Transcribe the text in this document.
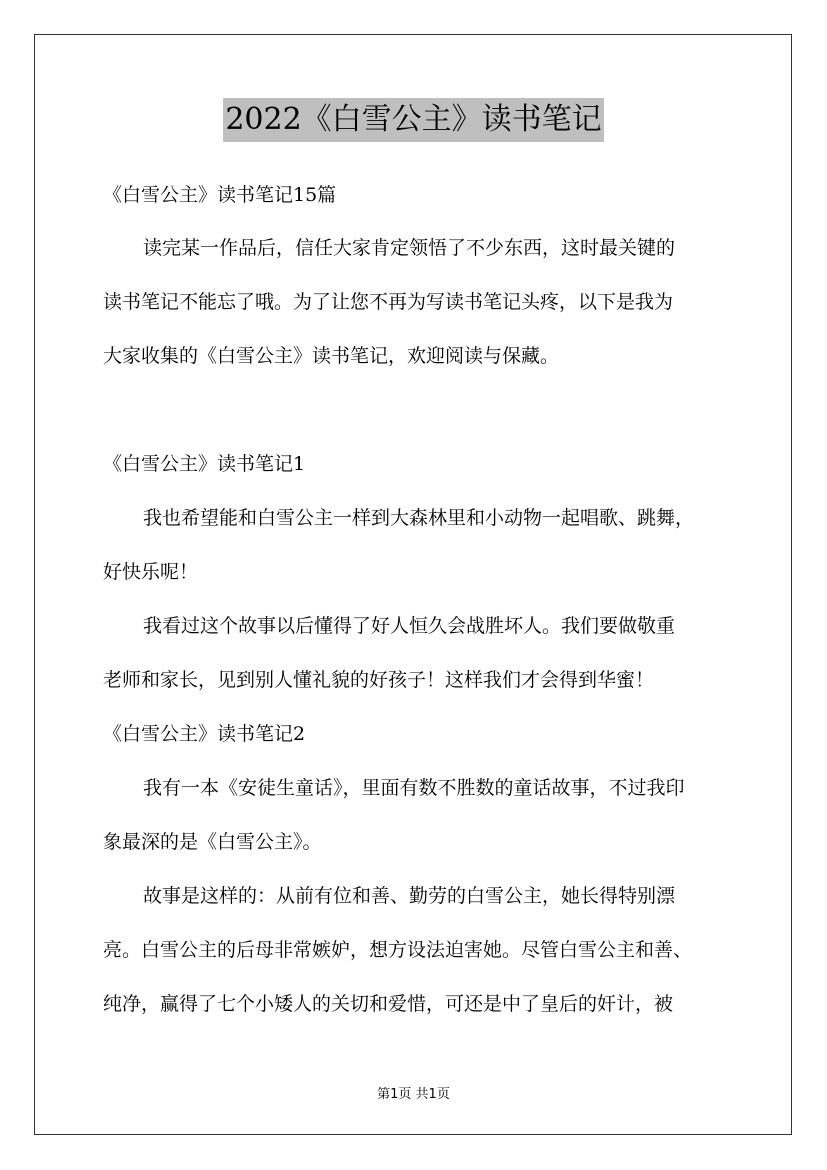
2022《白雪公主》读书笔记
《白雪公主》读书笔记15篇
读完某一作品后，信任大家肯定领悟了不少东西，这时最关键的
读书笔记不能忘了哦。为了让您不再为写读书笔记头疼，以下是我为
大家收集的《白雪公主》读书笔记，欢迎阅读与保藏。
《白雪公主》读书笔记1
我也希望能和白雪公主一样到大森林里和小动物一起唱歌、跳舞，
好快乐呢！
我看过这个故事以后懂得了好人恒久会战胜坏人。我们要做敬重
老师和家长，见到别人懂礼貌的好孩子！这样我们才会得到华蜜！
《白雪公主》读书笔记2
我有一本《安徒生童话》，里面有数不胜数的童话故事，不过我印
象最深的是《白雪公主》。
故事是这样的：从前有位和善、勤劳的白雪公主，她长得特别漂
亮。白雪公主的后母非常嫉妒，想方设法迫害她。尽管白雪公主和善、
纯净，赢得了七个小矮人的关切和爱惜，可还是中了皇后的奸计，被
第1页 共1页
